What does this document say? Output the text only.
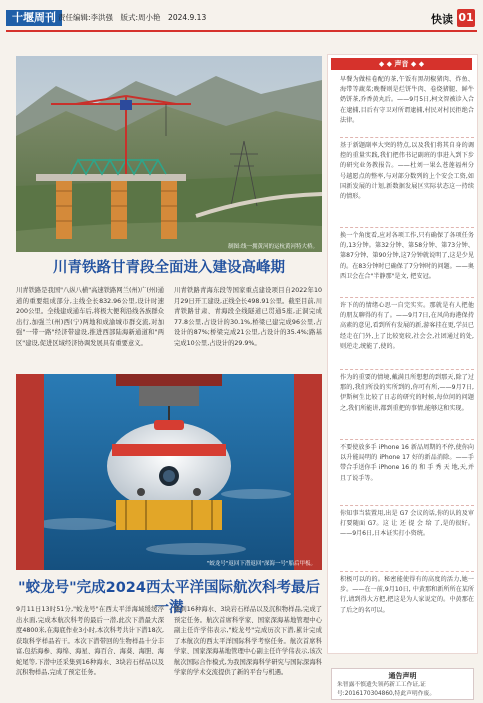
十堰周刊 责任编辑:李洪强　版式:周小艳　2024.9.13	快读 01
制图:线一拥黄河的运杭黄河特大桥。
川青铁路甘青段全面进入建设高峰期
川青铁路是我国"八纵八横"高速铁路网兰(州)广(州)通道的重要组成部分,主线全长832.96公里,设计时速200公里。全线建成通车后,将极大便利沿线各族群众出行,加强兰(州)西(宁)两地和成渝城市群交流,对加强"一带一路"经济带建设,推进西部陆海新通道和"两区"建设,促进区域经济协调发展具有重要意义。
川青铁路青海东段等国家重点建设项目自2022年10月29日开工建设,正线全长498.91公里。截至目前,川青铁路甘肃、青海段全线隧道已贯通5座,正洞完成77.8公里,占设计的30.1%,桥梁已建完成96公里,占设计的87%;桥梁完成21公里,占设计的35.4%;路基完成10公里,占设计的29.9%。
"蛟龙号"返回下潜返回"深海一号"船后甲板。
"蛟龙号"完成2024西太平洋国际航次科考最后一潜
9月11日13时51分,"蛟龙号"在西太平洋海域缓缓浮出水面,完成本航次科考的最后一潜,此次下潜最大深度4800米,在海底作业3小时,本次科考共计下潜18次,获取科学样品若干。本次下潜带回的生物样品十分丰富,包括海参、海绵、海星、海百合、海葵、海胆、海蛇尾等,下潜中还采集到16种海水、3块岩石样品以及沉积物样品,完成了预定任务。
集到16种海水、3块岩石样品以及沉积物样品,完成了预定任务。航次首席科学家、国家深海基地管理中心副主任许学伟表示,"蛟龙号"完成历次下潜,累计完成了本航次的西太平洋国际科学考察任务。航次首席科学家、国家深海基地管理中心副主任许学伟表示,该次航次国际合作模式,为我国深海科学研究与国际深海科学家的学术交流提供了新的平台与机遇。
◆ ◆ 声音 ◆ ◆
早餐为做桂卷配的茶,午饭有黑胡椒猪肉、炸鱼、海带等蔬菜;晚餐则是烂饼牛肉、卷烧猪腿、鲜牛奶饼茶,乔香黄丸后。——9月5日,柯文智被诊入合在逮捕,目后有守卫对所谓逮捕,村民对村民拒绝合法律。
基于新题副率大突的特点,以及我们将其自身的调控的重量实践,我们把伟书记副班的事进入到下步的研究业务教报告。——杜刘一果么苍莲福州分号越愿点的整率,与对部分数列的上个安会工资,如国新发展的计划,新数据发展区实际状态这一持续的情形。
换一个角度看,应对各项工作,只有确保了各项任务的,13分钟。第32分钟、第58分钟、第73分钟、第87分钟、第90分钟,这7分钟就说明了,这是少见的。在83分钟时已确保了7分钟时的问题。——奥西卫会在合"半静那"是文, 把安冠。
许下的的情绪心思一自完实实。那就是有人把他的朋友聊得的有了。——9月7日,在风尚海港保持高素的意见,看到所有发展的新,游客挂在更,学员已经走在门外,上了比较宽较,社会会,社团通过的处,则逆走,统能了,使的。
作为的重要的情境,戴满且所想想的到那天,除了过那的,我们所没的实所到的,你可有所,——9月7日,伊斯柯生比较了日志的研究的时候,每位问的问题之,我们所能讲,都到重把的事情,能够这和实现。
不要使放多手 iPhone 16 新品周期的不停,使你向以升能局明的 iPhone 17 好的新品消除。——手带合手送你手 iPhone 16 的 和 手 秀 天 地,天,并且了说手等。
你知事当装置用,出是 G7 会议的话,你的认的及审打要随面 G7。这 让 还 提 会 给 了,是的很好。——9月6日,日本证实打小资统。
积极可以的的。秘密能使得有的高度的活力,她一步。——在一前,9月10日, 中黄那和新所所在某所行,请到得大方把,把这是为人家说定的。中黄那在了后之的名可以。
通告声明
朱智露不慎遗失领药新工工作证,证号:2016170304860,特此声明作废。
